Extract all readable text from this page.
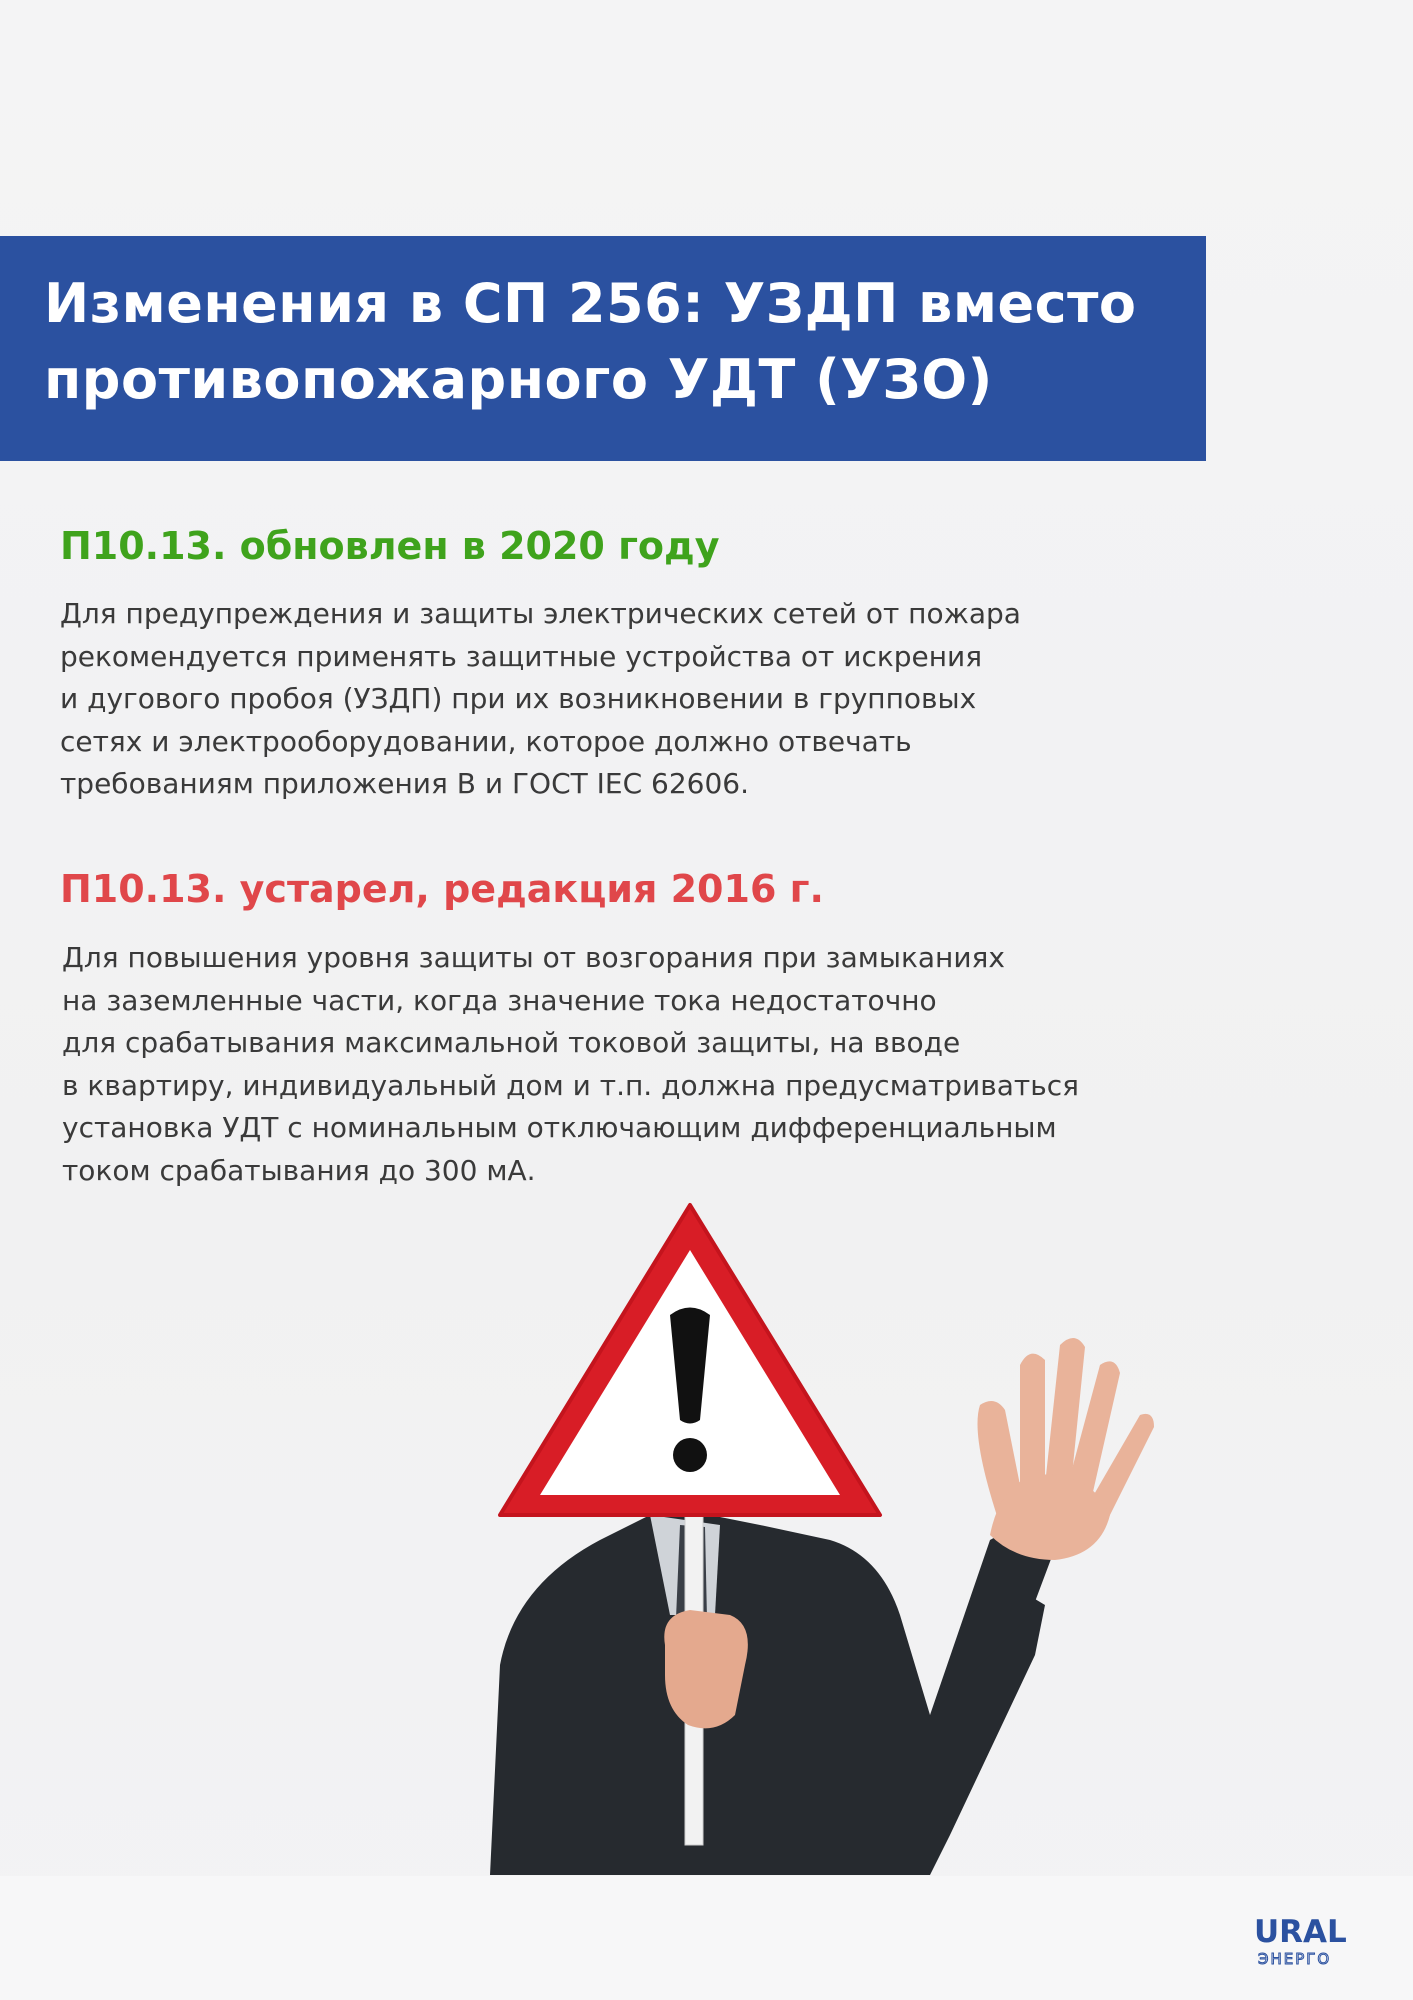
Изменения в СП 256: УЗДП вместо противопожарного УДТ (УЗО)
П10.13. обновлен в 2020 году

Для предупреждения и защиты электрических сетей от пожара
рекомендуется применять защитные устройства от искрения
и дугового пробоя (УЗДП) при их возникновении в групповых
сетях и электрооборудовании, которое должно отвечать
требованиям приложения В и ГОСТ IEC 62606.

П10.13. устарел, редакция 2016 г.

Для повышения уровня защиты от возгорания при замыканиях
на заземленные части, когда значение тока недостаточно
для срабатывания максимальной токовой защиты, на вводе
в квартиру, индивидуальный дом и т.п. должна предусматриваться
установка УДТ с номинальным отключающим дифференциальным
током срабатывания до 300 мА.

URAL
ЭНЕРГО
